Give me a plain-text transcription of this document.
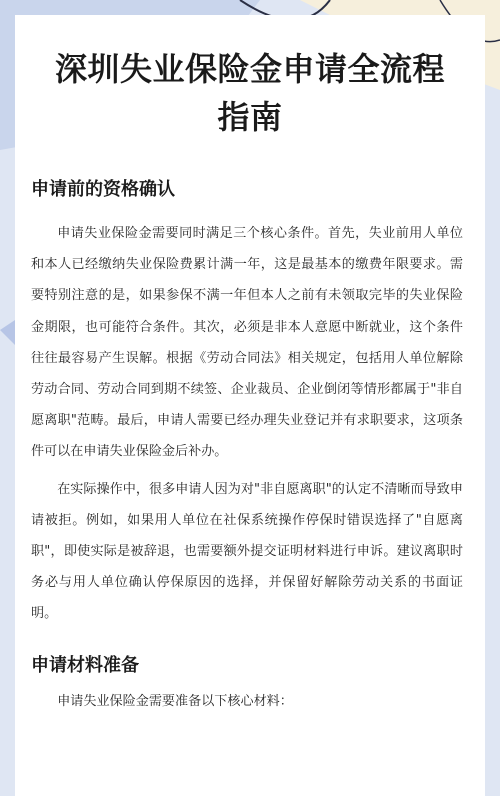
深圳失业保险金申请全流程指南
申请前的资格确认

申请失业保险金需要同时满足三个核心条件。首先，失业前用人单位和本人已经缴纳失业保险费累计满一年，这是最基本的缴费年限要求。需要特别注意的是，如果参保不满一年但本人之前有未领取完毕的失业保险金期限，也可能符合条件。其次，必须是非本人意愿中断就业，这个条件往往最容易产生误解。根据《劳动合同法》相关规定，包括用人单位解除劳动合同、劳动合同到期不续签、企业裁员、企业倒闭等情形都属于"非自愿离职"范畴。最后，申请人需要已经办理失业登记并有求职要求，这项条件可以在申请失业保险金后补办。

在实际操作中，很多申请人因为对"非自愿离职"的认定不清晰而导致申请被拒。例如，如果用人单位在社保系统操作停保时错误选择了"自愿离职"，即使实际是被辞退，也需要额外提交证明材料进行申诉。建议离职时务必与用人单位确认停保原因的选择，并保留好解除劳动关系的书面证明。

申请材料准备

申请失业保险金需要准备以下核心材料：
